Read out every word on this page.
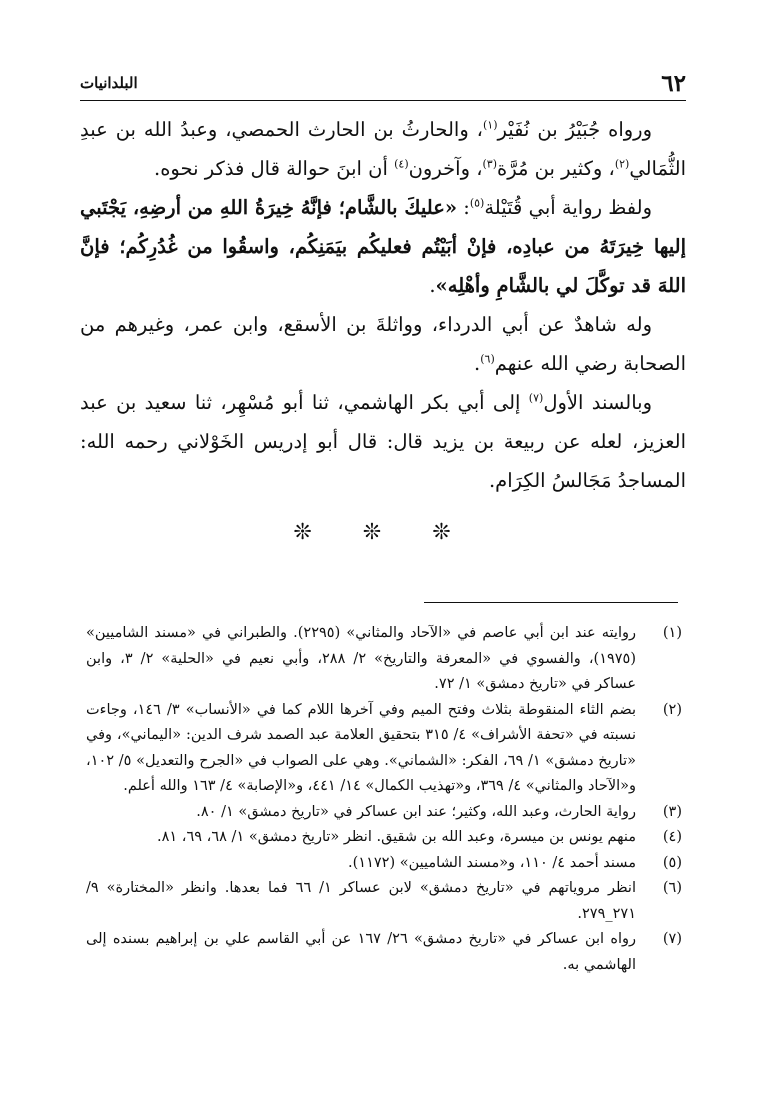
٦٢
البلدانيات

ورواه جُبَيْرُ بن نُفَيْر$^{(١)}$، والحارثُ بن الحارث الحمصي، وعبدُ الله بن عبدِ الثُّمَالي$^{(٢)}$، وكثير بن مُرَّة$^{(٣)}$، وآخرون$^{(٤)}$ أن ابنَ حوالة قال فذكر نحوه.

ولفظ رواية أبي قُتَيْلة$^{(٥)}$: «عليكَ بالشَّام؛ فإنَّهُ خِيرَةُ اللهِ من أرضِهِ، يَجْتَبي إليها خِيرَتَهُ من عبادِه، فإنْ أبَيْتُم فعليكُم بيَمَنِكُم، واسقُوا من غُدُرِكُم؛ فإنَّ اللهَ قد توكَّلَ لي بالشَّامِ وأهْلِه».

وله شاهدٌ عن أبي الدرداء، وواثلةَ بن الأسقع، وابن عمر، وغيرهم من الصحابة رضي الله عنهم$^{(٦)}$.

وبالسند الأول$^{(٧)}$ إلى أبي بكر الهاشمي، ثنا أبو مُسْهِر، ثنا سعيد بن عبد العزيز، لعله عن ربيعة بن يزيد قال: قال أبو إدريس الخَوْلاني رحمه الله: المساجدُ مَجَالسُ الكِرَام.

❊ ❊ ❊
(١)
روايته عند ابن أبي عاصم في «الآحاد والمثاني» (٢٢٩٥). والطبراني في «مسند الشاميين» (١٩٧٥)، والفسوي في «المعرفة والتاريخ» ٢/ ٢٨٨، وأبي نعيم في «الحلية» ٢/ ٣، وابن عساكر في «تاريخ دمشق» ١/ ٧٢.
(٢)
بضم الثاء المنقوطة بثلاث وفتح الميم وفي آخرها اللام كما في «الأنساب» ٣/ ١٤٦، وجاءت نسبته في «تحفة الأشراف» ٤/ ٣١٥ بتحقيق العلامة عبد الصمد شرف الدين: «اليماني»، وفي «تاريخ دمشق» ١/ ٦٩، الفكر: «الشماني». وهي على الصواب في «الجرح والتعديل» ٥/ ١٠٢، و«الآحاد والمثاني» ٤/ ٣٦٩، و«تهذيب الكمال» ١٤/ ٤٤١، و«الإصابة» ٤/ ١٦٣ والله أعلم.
(٣)
رواية الحارث، وعبد الله، وكثير؛ عند ابن عساكر في «تاريخ دمشق» ١/ ٨٠.
(٤)
منهم يونس بن ميسرة، وعبد الله بن شقيق. انظر «تاريخ دمشق» ١/ ٦٨، ٦٩، ٨١.
(٥)
مسند أحمد ٤/ ١١٠، و«مسند الشاميين» (١١٧٢).
(٦)
انظر مروياتهم في «تاريخ دمشق» لابن عساكر ١/ ٦٦ فما بعدها. وانظر «المختارة» ٩/ ٢٧١_٢٧٩.
(٧)
رواه ابن عساكر في «تاريخ دمشق» ٢٦/ ١٦٧ عن أبي القاسم علي بن إبراهيم بسنده إلى الهاشمي به.
